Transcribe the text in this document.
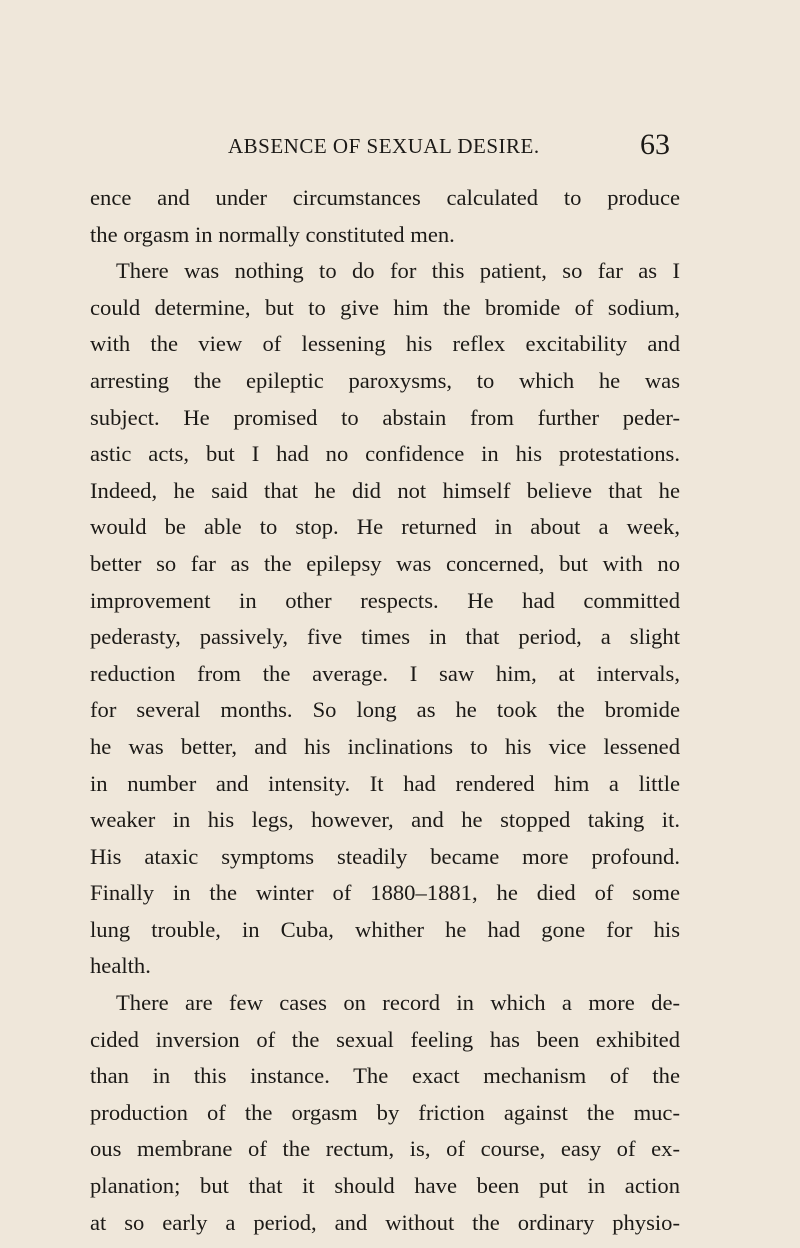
ABSENCE OF SEXUAL DESIRE.	63
ence and under circumstances calculated to produce
the orgasm in normally constituted men.
There was nothing to do for this patient, so far as I
could determine, but to give him the bromide of sodium,
with the view of lessening his reflex excitability and
arresting the epileptic paroxysms, to which he was
subject. He promised to abstain from further peder-
astic acts, but I had no confidence in his protestations.
Indeed, he said that he did not himself believe that he
would be able to stop. He returned in about a week,
better so far as the epilepsy was concerned, but with no
improvement in other respects. He had committed
pederasty, passively, five times in that period, a slight
reduction from the average. I saw him, at intervals,
for several months. So long as he took the bromide
he was better, and his inclinations to his vice lessened
in number and intensity. It had rendered him a little
weaker in his legs, however, and he stopped taking it.
His ataxic symptoms steadily became more profound.
Finally in the winter of 1880–1881, he died of some
lung trouble, in Cuba, whither he had gone for his
health.
There are few cases on record in which a more de-
cided inversion of the sexual feeling has been exhibited
than in this instance. The exact mechanism of the
production of the orgasm by friction against the muc-
ous membrane of the rectum, is, of course, easy of ex-
planation; but that it should have been put in action
at so early a period, and without the ordinary physio-
